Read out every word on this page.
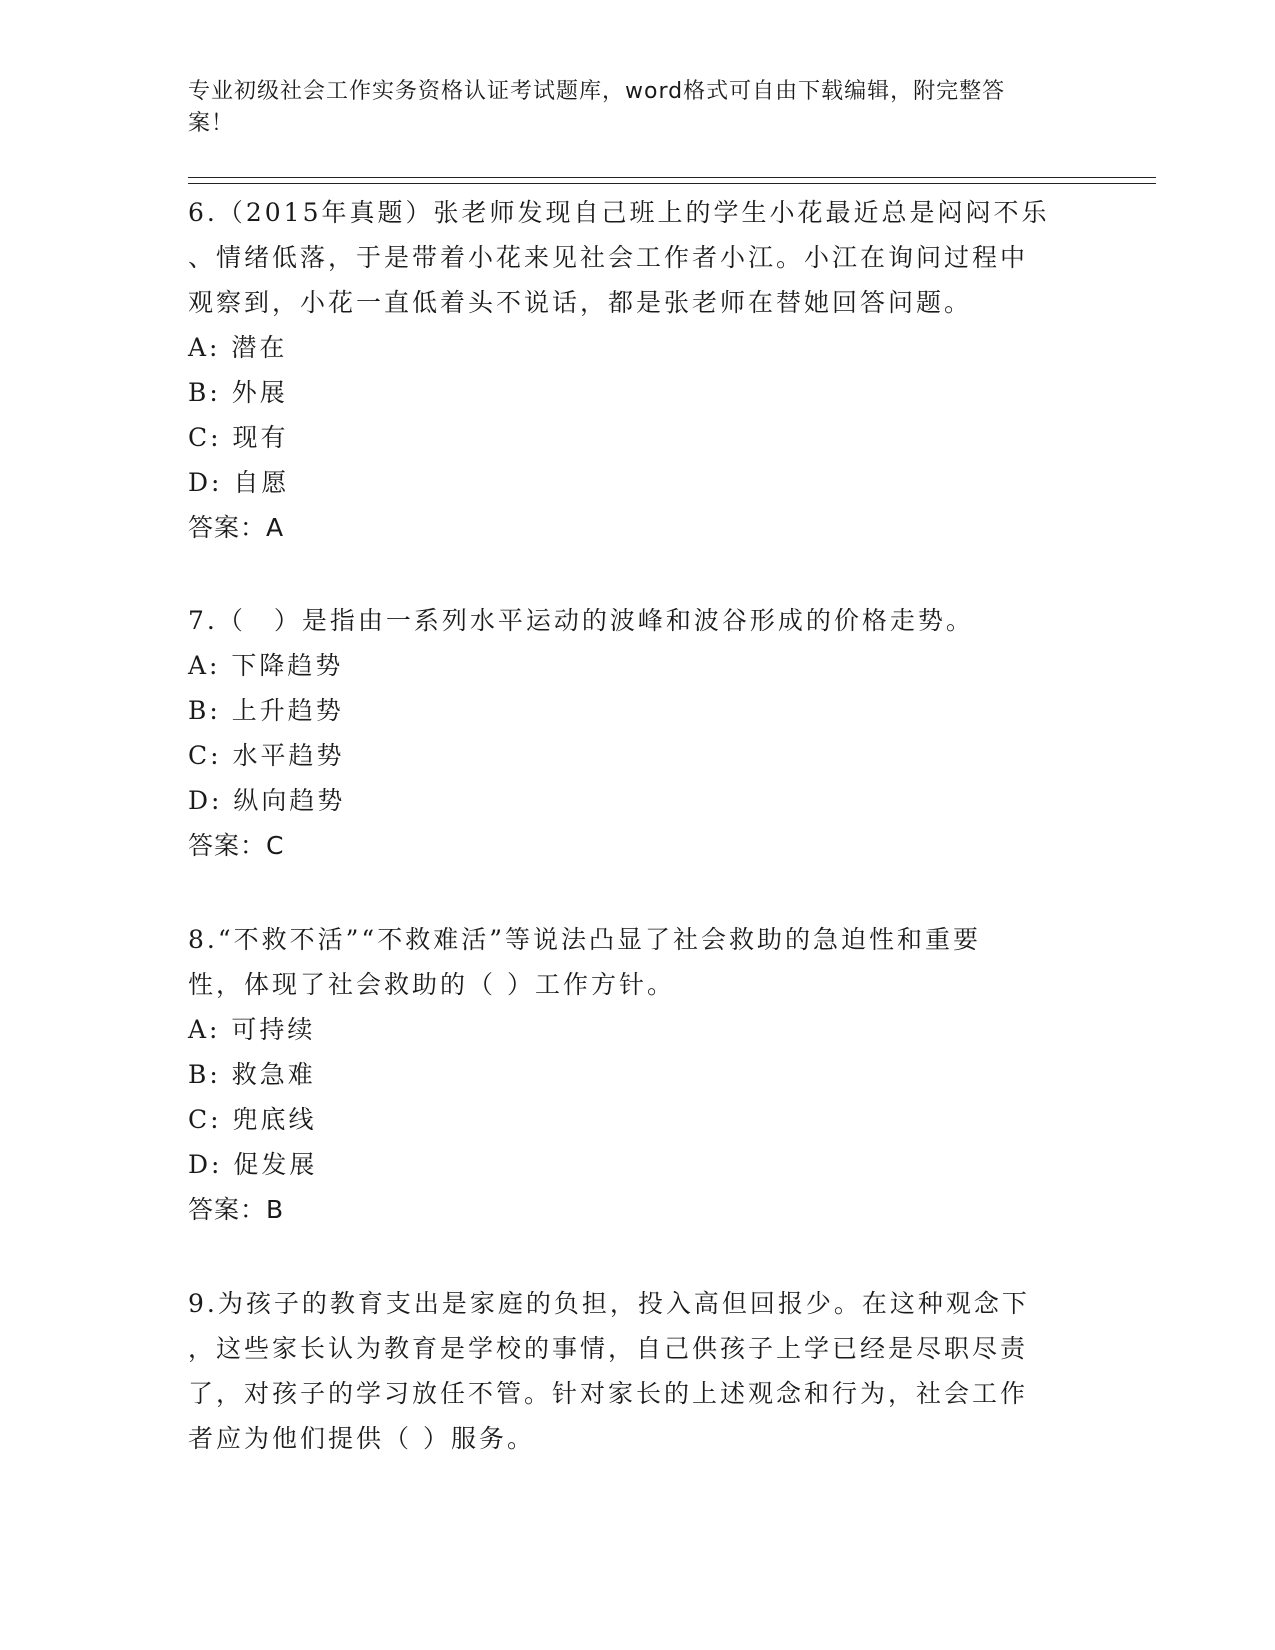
专业初级社会工作实务资格认证考试题库，word格式可自由下载编辑，附完整答
案！
6.（2015年真题）张老师发现自己班上的学生小花最近总是闷闷不乐
、情绪低落，于是带着小花来见社会工作者小江。小江在询问过程中
观察到，小花一直低着头不说话，都是张老师在替她回答问题。
A: 潜在
B: 外展
C: 现有
D: 自愿
答案：A
7.（　）是指由一系列水平运动的波峰和波谷形成的价格走势。
A: 下降趋势
B: 上升趋势
C: 水平趋势
D: 纵向趋势
答案：C
8.“不救不活”“不救难活”等说法凸显了社会救助的急迫性和重要
性，体现了社会救助的（ ）工作方针。
A: 可持续
B: 救急难
C: 兜底线
D: 促发展
答案：B
9.为孩子的教育支出是家庭的负担，投入高但回报少。在这种观念下
，这些家长认为教育是学校的事情，自己供孩子上学已经是尽职尽责
了，对孩子的学习放任不管。针对家长的上述观念和行为，社会工作
者应为他们提供（ ）服务。
